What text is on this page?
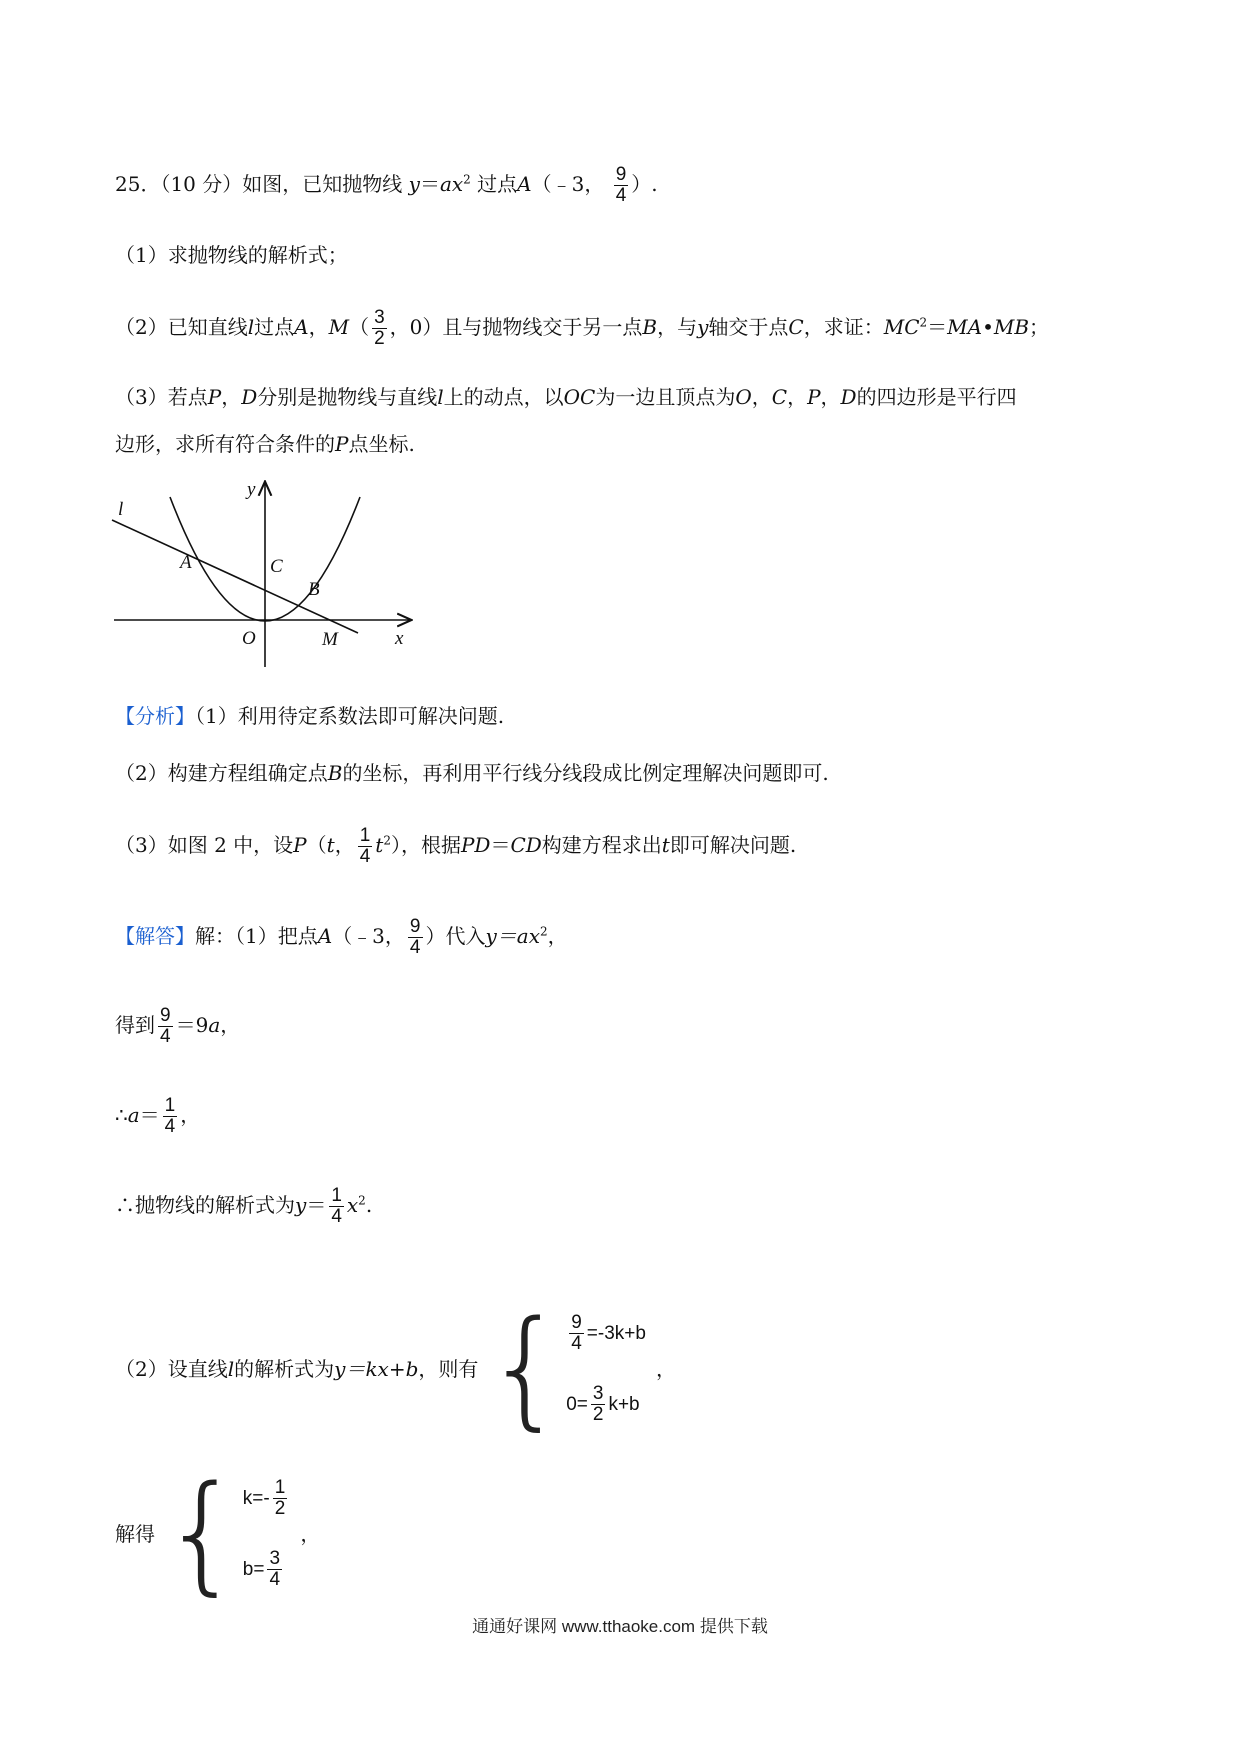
25．（10 分）如图，已知抛物线 $y=ax^2$ 过点A（﹣3， $\frac{9}{4}$ ）.
（1）求抛物线的解析式；
（2）已知直线l过点A，$M( \frac{3}{2}$ ，0）且与抛物线交于另一点B，与y轴交于点C，求证：$MC^2=MA•MB$；
（3）若点P，D分别是抛物线与直线l上的动点，以OC为一边且顶点为O，C，P，D的四边形是平行四
边形，求所有符合条件的P点坐标.
l
y
A	C
B
O	M	x
【分析】（1）利用待定系数法即可解决问题.
（2）构建方程组确定点B的坐标，再利用平行线分线段成比例定理解决问题即可.
（3）如图 2 中，设P（t， $\frac{1}{4} t^2$），根据PD＝CD构建方程求出t即可解决问题.
【解答】解：（1）把点A（﹣3， $\frac{9}{4}$ ）代入$y=ax^2$，
得到 $\frac{9}{4} =9a$，
∴a＝ $\frac{1}{4}$ ，
∴抛物线的解析式为$y= \frac{1}{4} x^2$.
（2）设直线l的解析式为y＝kx+b，则有 { $\frac{9}{4} =-3k+b$
$0= \frac{3}{2} k+b$
，
解得 { $k=- \frac{1}{2}$
$b= \frac{3}{4}$
，
通通好课网 www.tthaoke.com 提供下载
